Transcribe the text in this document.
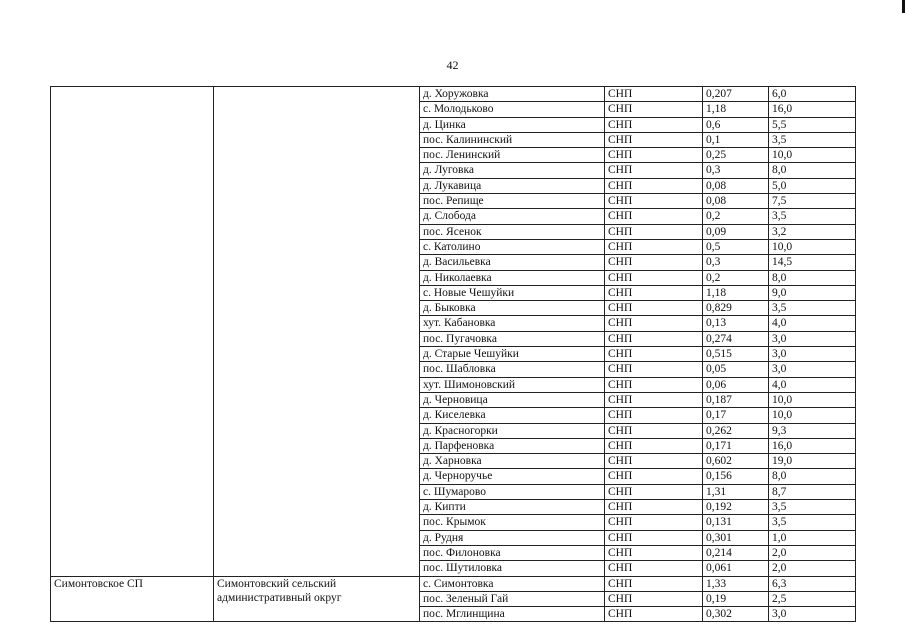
42
		д. Хоружовка	СНП	0,207	6,0
		с. Молодьково	СНП	1,18	16,0
		д. Цинка	СНП	0,6	5,5
		пос. Калининский	СНП	0,1	3,5
		пос. Ленинский	СНП	0,25	10,0
		д. Луговка	СНП	0,3	8,0
		д. Лукавица	СНП	0,08	5,0
		пос. Репище	СНП	0,08	7,5
		д. Слобода	СНП	0,2	3,5
		пос. Ясенок	СНП	0,09	3,2
		с. Католино	СНП	0,5	10,0
		д. Васильевка	СНП	0,3	14,5
		д. Николаевка	СНП	0,2	8,0
		с. Новые Чешуйки	СНП	1,18	9,0
		д. Быковка	СНП	0,829	3,5
		хут. Кабановка	СНП	0,13	4,0
		пос. Пугачовка	СНП	0,274	3,0
		д. Старые Чешуйки	СНП	0,515	3,0
		пос. Шабловка	СНП	0,05	3,0
		хут. Шимоновский	СНП	0,06	4,0
		д. Черновица	СНП	0,187	10,0
		д. Киселевка	СНП	0,17	10,0
		д. Красногорки	СНП	0,262	9,3
		д. Парфеновка	СНП	0,171	16,0
		д. Харновка	СНП	0,602	19,0
		д. Черноручье	СНП	0,156	8,0
		с. Шумарово	СНП	1,31	8,7
		д. Кипти	СНП	0,192	3,5
		пос. Крымок	СНП	0,131	3,5
		д. Рудня	СНП	0,301	1,0
		пос. Филоновка	СНП	0,214	2,0
		пос. Шутиловка	СНП	0,061	2,0
Симонтовское СП	Симонтовский сельский административный округ	с. Симонтовка	СНП	1,33	6,3
		пос. Зеленый Гай	СНП	0,19	2,5
		пос. Мглинщина	СНП	0,302	3,0
